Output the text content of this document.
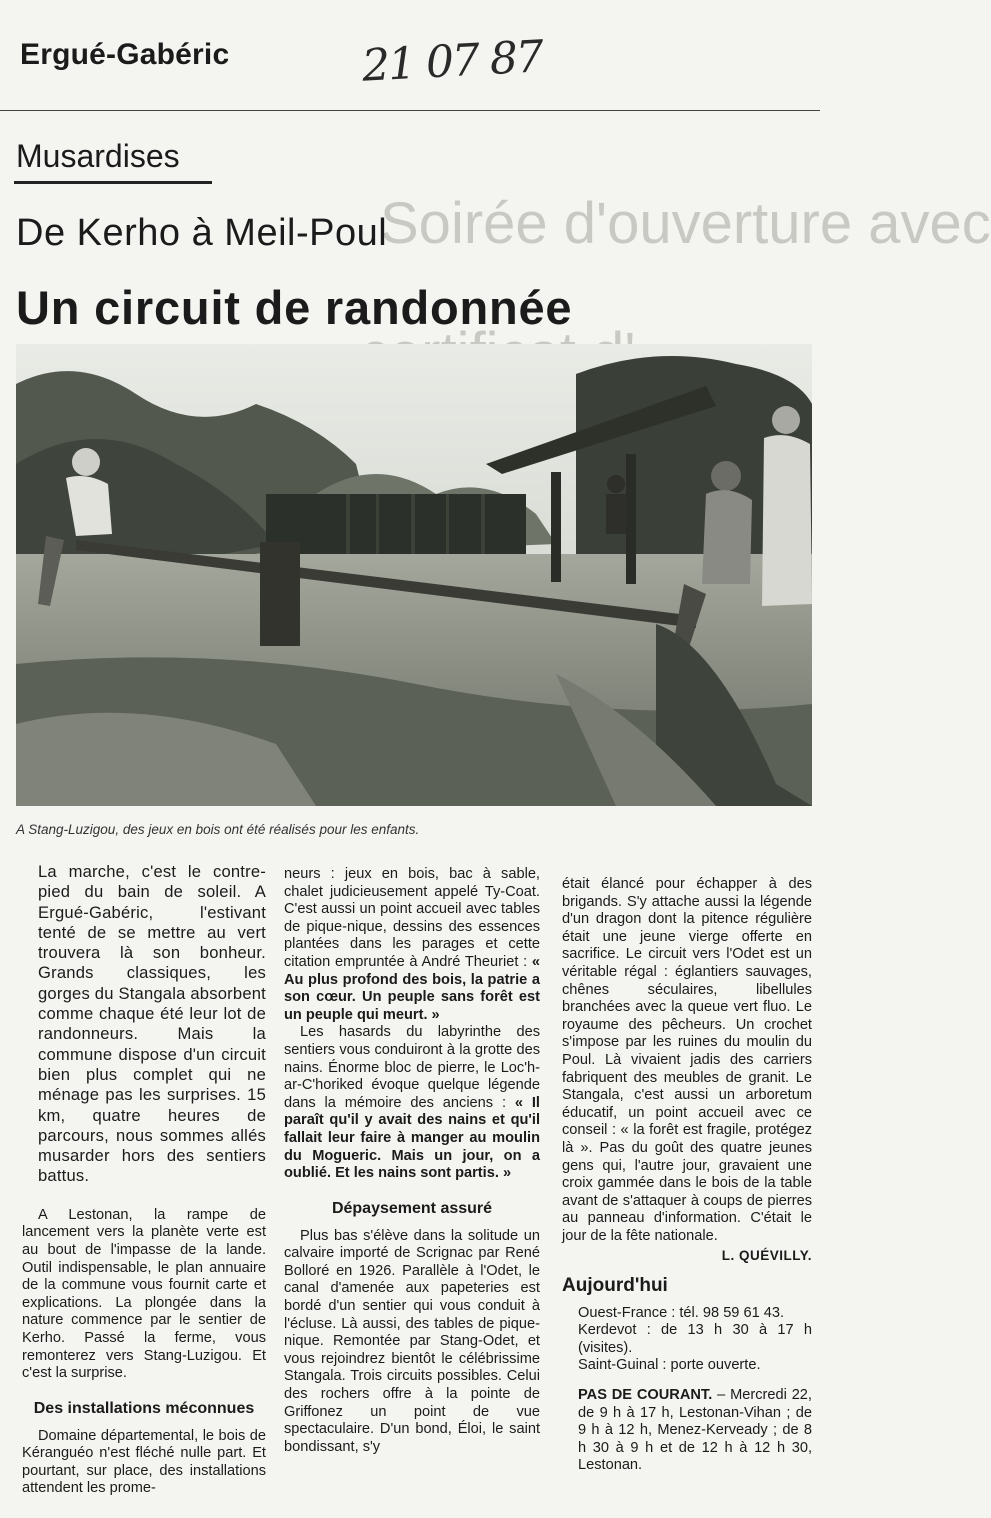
Soirée d'ouverture avec
Ergué-Gabéric	21 07 87
Musardises
De Kerho à Meil-Poul
Un circuit de randonnée
A Stang-Luzigou, des jeux en bois ont été réalisés pour les enfants.

La marche, c'est le contre-pied du bain de soleil. A Ergué-Gabéric, l'estivant tenté de se mettre au vert trouvera là son bonheur. Grands classiques, les gorges du Stangala absorbent comme chaque été leur lot de randonneurs. Mais la commune dispose d'un circuit bien plus complet qui ne ménage pas les surprises. 15 km, quatre heures de parcours, nous sommes allés musarder hors des sentiers battus.

A Lestonan, la rampe de lancement vers la planète verte est au bout de l'impasse de la lande. Outil indispensable, le plan annuaire de la commune vous fournit carte et explications. La plongée dans la nature commence par le sentier de Kerho. Passé la ferme, vous remonterez vers Stang-Luzigou. Et c'est la surprise.

Des installations méconnues

Domaine départemental, le bois de Kéranguéo n'est fléché nulle part. Et pourtant, sur place, des installations attendent les prome-

neurs : jeux en bois, bac à sable, chalet judicieusement appelé Ty-Coat. C'est aussi un point accueil avec tables de pique-nique, dessins des essences plantées dans les parages et cette citation empruntée à André Theuriet : « Au plus profond des bois, la patrie a son cœur. Un peuple sans forêt est un peuple qui meurt. »

Les hasards du labyrinthe des sentiers vous conduiront à la grotte des nains. Énorme bloc de pierre, le Loc'h-ar-C'horiked évoque quelque légende dans la mémoire des anciens : « Il paraît qu'il y avait des nains et qu'il fallait leur faire à manger au moulin du Mogueric. Mais un jour, on a oublié. Et les nains sont partis. »

Dépaysement assuré

Plus bas s'élève dans la solitude un calvaire importé de Scrignac par René Bolloré en 1926. Parallèle à l'Odet, le canal d'amenée aux papeteries est bordé d'un sentier qui vous conduit à l'écluse. Là aussi, des tables de pique-nique. Remontée par Stang-Odet, et vous rejoindrez bientôt le célébrissime Stangala. Trois circuits possibles. Celui des rochers offre à la pointe de Griffonez un point de vue spectaculaire. D'un bond, Éloi, le saint bondissant, s'y

était élancé pour échapper à des brigands. S'y attache aussi la légende d'un dragon dont la pitence régulière était une jeune vierge offerte en sacrifice. Le circuit vers l'Odet est un véritable régal : églantiers sauvages, chênes séculaires, libellules branchées avec la queue vert fluo. Le royaume des pêcheurs. Un crochet s'impose par les ruines du moulin du Poul. Là vivaient jadis des carriers fabriquent des meubles de granit. Le Stangala, c'est aussi un arboretum éducatif, un point accueil avec ce conseil : « la forêt est fragile, protégez là ». Pas du goût des quatre jeunes gens qui, l'autre jour, gravaient une croix gammée dans le bois de la table avant de s'attaquer à coups de pierres au panneau d'information. C'était le jour de la fête nationale.

L. QUÉVILLY.

Aujourd'hui

Ouest-France : tél. 98 59 61 43.

Kerdevot : de 13 h 30 à 17 h (visites).

Saint-Guinal : porte ouverte.

PAS DE COURANT. – Mercredi 22, de 9 h à 17 h, Lestonan-Vihan ; de 9 h à 12 h, Menez-Kerveady ; de 8 h 30 à 9 h et de 12 h à 12 h 30, Lestonan.
